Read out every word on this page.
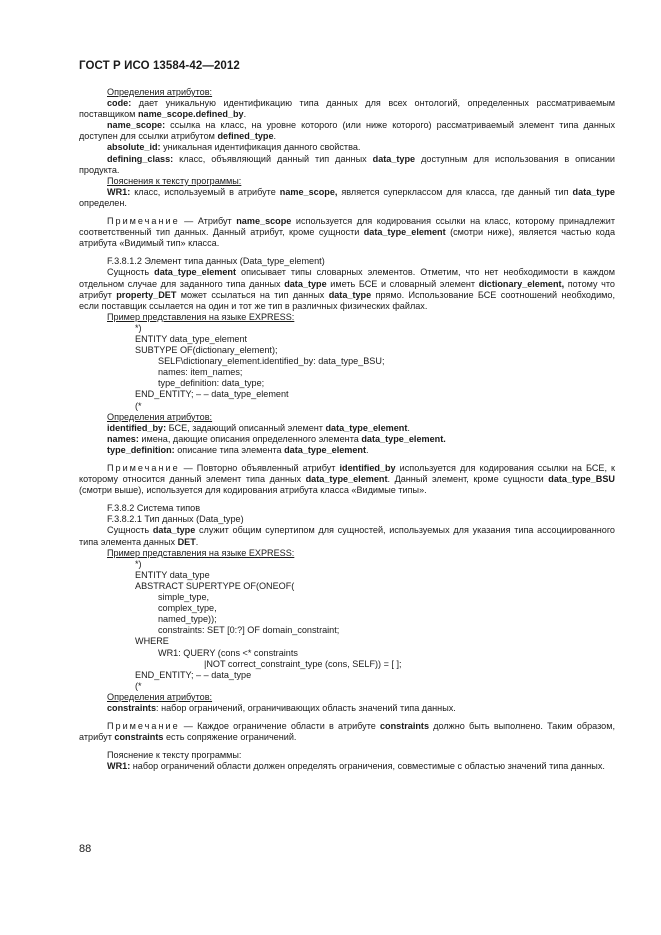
ГОСТ Р ИСО 13584-42—2012
Определения атрибутов:
code: дает уникальную идентификацию типа данных для всех онтологий, определенных рассматриваемым поставщиком name_scope.defined_by.
name_scope: ссылка на класс, на уровне которого (или ниже которого) рассматриваемый элемент типа данных доступен для ссылки атрибутом defined_type.
absolute_id: уникальная идентификация данного свойства.
defining_class: класс, объявляющий данный тип данных data_type доступным для использования в описании продукта.
Пояснения к тексту программы:
WR1: класс, используемый в атрибуте name_scope, является суперклассом для класса, где данный тип data_type определен.
Примечание — Атрибут name_scope используется для кодирования ссылки на класс, которому принадлежит соответственный тип данных. Данный атрибут, кроме сущности data_type_element (смотри ниже), является частью кода атрибута «Видимый тип» класса.
F.3.8.1.2 Элемент типа данных (Data_type_element)
Сущность data_type_element описывает типы словарных элементов. Отметим, что нет необходимости в каждом отдельном случае для заданного типа данных data_type иметь БСЕ и словарный элемент dictionary_element, потому что атрибут property_DET может ссылаться на тип данных data_type прямо. Использование БСЕ соотношений необходимо, если поставщик ссылается на один и тот же тип в различных физических файлах.
Пример представления на языке EXPRESS:
*)
ENTITY data_type_element
SUBTYPE OF(dictionary_element);
SELF\dictionary_element.identified_by: data_type_BSU;
names: item_names;
type_definition: data_type;
END_ENTITY; – – data_type_element
(*
Определения атрибутов:
identified_by: БСЕ, задающий описанный элемент data_type_element.
names: имена, дающие описания определенного элемента data_type_element.
type_definition: описание типа элемента data_type_element.
Примечание — Повторно объявленный атрибут identified_by используется для кодирования ссылки на БСЕ, к которому относится данный элемент типа данных data_type_element. Данный элемент, кроме сущности data_type_BSU (смотри выше), используется для кодирования атрибута класса «Видимые типы».
F.3.8.2 Система типов
F.3.8.2.1 Тип данных (Data_type)
Сущность data_type служит общим супертипом для сущностей, используемых для указания типа ассоциированного типа элемента данных DET.
Пример представления на языке EXPRESS:
*)
ENTITY data_type
ABSTRACT SUPERTYPE OF(ONEOF(
simple_type,
complex_type,
named_type));
constraints: SET [0:?] OF domain_constraint;
WHERE
WR1: QUERY (cons <* constraints
|NOT correct_constraint_type (cons, SELF)) = [ ];
END_ENTITY; – – data_type
(*
Определения атрибутов:
constraints: набор ограничений, ограничивающих область значений типа данных.
Примечание — Каждое ограничение области в атрибуте constraints должно быть выполнено. Таким образом, атрибут constraints есть сопряжение ограничений.
Пояснение к тексту программы:
WR1: набор ограничений области должен определять ограничения, совместимые с областью значений типа данных.
88
